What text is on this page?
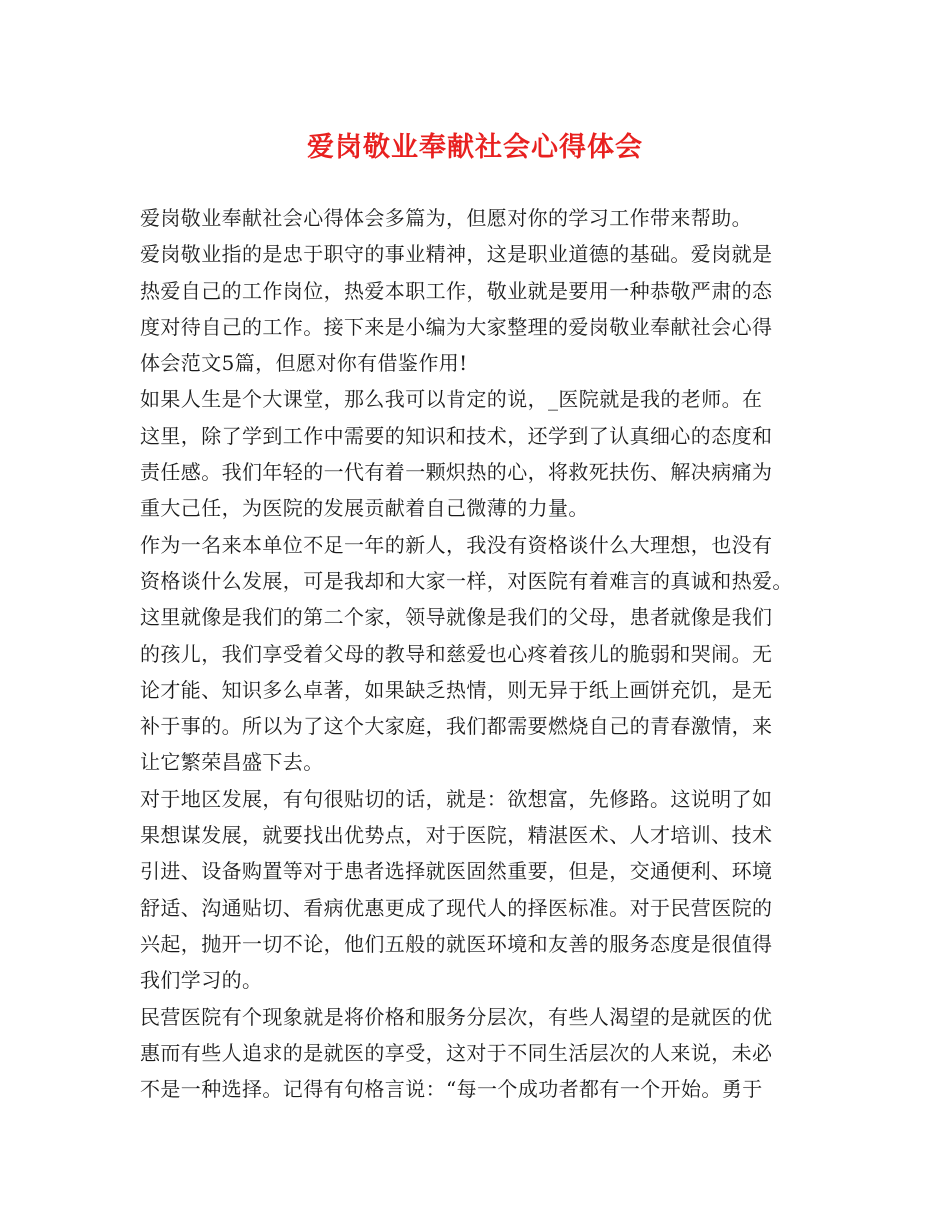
爱岗敬业奉献社会心得体会
爱岗敬业奉献社会心得体会多篇为，但愿对你的学习工作带来帮助。
爱岗敬业指的是忠于职守的事业精神，这是职业道德的基础。爱岗就是
热爱自己的工作岗位，热爱本职工作，敬业就是要用一种恭敬严肃的态
度对待自己的工作。接下来是小编为大家整理的爱岗敬业奉献社会心得
体会范文5篇，但愿对你有借鉴作用!
如果人生是个大课堂，那么我可以肯定的说，_医院就是我的老师。在
这里，除了学到工作中需要的知识和技术，还学到了认真细心的态度和
责任感。我们年轻的一代有着一颗炽热的心，将救死扶伤、解决病痛为
重大己任，为医院的发展贡献着自己微薄的力量。
作为一名来本单位不足一年的新人，我没有资格谈什么大理想，也没有
资格谈什么发展，可是我却和大家一样，对医院有着难言的真诚和热爱。
这里就像是我们的第二个家，领导就像是我们的父母，患者就像是我们
的孩儿，我们享受着父母的教导和慈爱也心疼着孩儿的脆弱和哭闹。无
论才能、知识多么卓著，如果缺乏热情，则无异于纸上画饼充饥，是无
补于事的。所以为了这个大家庭，我们都需要燃烧自己的青春激情，来
让它繁荣昌盛下去。
对于地区发展，有句很贴切的话，就是：欲想富，先修路。这说明了如
果想谋发展，就要找出优势点，对于医院，精湛医术、人才培训、技术
引进、设备购置等对于患者选择就医固然重要，但是，交通便利、环境
舒适、沟通贴切、看病优惠更成了现代人的择医标准。对于民营医院的
兴起，抛开一切不论，他们五般的就医环境和友善的服务态度是很值得
我们学习的。
民营医院有个现象就是将价格和服务分层次，有些人渴望的是就医的优
惠而有些人追求的是就医的享受，这对于不同生活层次的人来说，未必
不是一种选择。记得有句格言说：“每一个成功者都有一个开始。勇于
